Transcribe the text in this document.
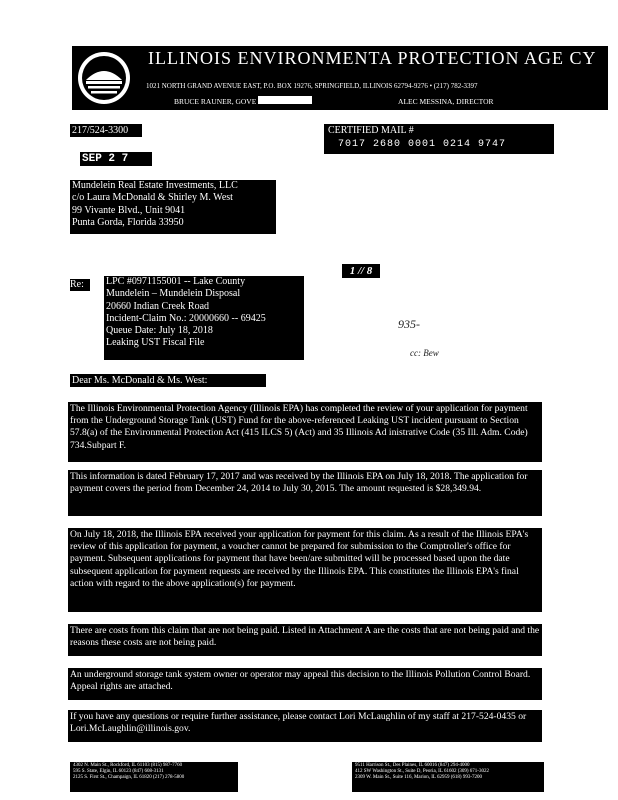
ILLINOIS ENVIRONMENTA PROTECTION AGE CY
1021 NORTH GRAND AVENUE EAST, P.O. BOX 19276, SPRINGFIELD, ILLINOIS 62794-9276 • (217) 782-3397
BRUCE RAUNER, GOVE	ALEC MESSINA, DIRECTOR
217/524-3300	CERTIFIED MAIL #
7017 2680 0001 0214 9747
SEP 2 7 2018
Mundelein Real Estate Investments, LLC
c/o Laura McDonald & Shirley M. West
99 Vivante Blvd., Unit 9041
Punta Gorda, Florida 33950
Re:	LPC #0971155001 -- Lake County
Mundelein – Mundelein Disposal
20660 Indian Creek Road
Incident-Claim No.: 20000660 -- 69425
Queue Date: July 18, 2018
Leaking UST Fiscal File
1 // 8
935-
cc: Bew
Dear Ms. McDonald & Ms. West:
The Illinois Environmental Protection Agency (Illinois EPA) has completed the review of your application for payment from the Underground Storage Tank (UST) Fund for the above-referenced Leaking UST incident pursuant to Section 57.8(a) of the Environmental Protection Act (415 ILCS 5) (Act) and 35 Illinois Ad inistrative Code (35 Ill. Adm. Code) 734.Subpart F.
This information is dated February 17, 2017 and was received by the Illinois EPA on July 18, 2018. The application for payment covers the period from December 24, 2014 to July 30, 2015. The amount requested is $28,349.94.
On July 18, 2018, the Illinois EPA received your application for payment for this claim. As a result of the Illinois EPA's review of this application for payment, a voucher cannot be prepared for submission to the Comptroller's office for payment. Subsequent applications for payment that have been/are submitted will be processed based upon the date subsequent application for payment requests are received by the Illinois EPA. This constitutes the Illinois EPA's final action with regard to the above application(s) for payment.
There are costs from this claim that are not being paid. Listed in Attachment A are the costs that are not being paid and the reasons these costs are not being paid.
An underground storage tank system owner or operator may appeal this decision to the Illinois Pollution Control Board. Appeal rights are attached.
If you have any questions or require further assistance, please contact Lori McLaughlin of my staff at 217-524-0435 or Lori.McLaughlin@illinois.gov.
4302 N. Main St., Rockford, IL 61103 (815) 987-7760
595 S. State, Elgin, IL 60123 (847) 608-3131
2125 S. First St., Champaign, IL 61820 (217) 278-5800
9511 Harrison St., Des Plaines, IL 60016 (847) 294-4000
412 SW Washington St., Suite D, Peoria, IL 61602 (309) 671-3022
2309 W. Main St., Suite 116, Marion, IL 62959 (618) 993-7200
